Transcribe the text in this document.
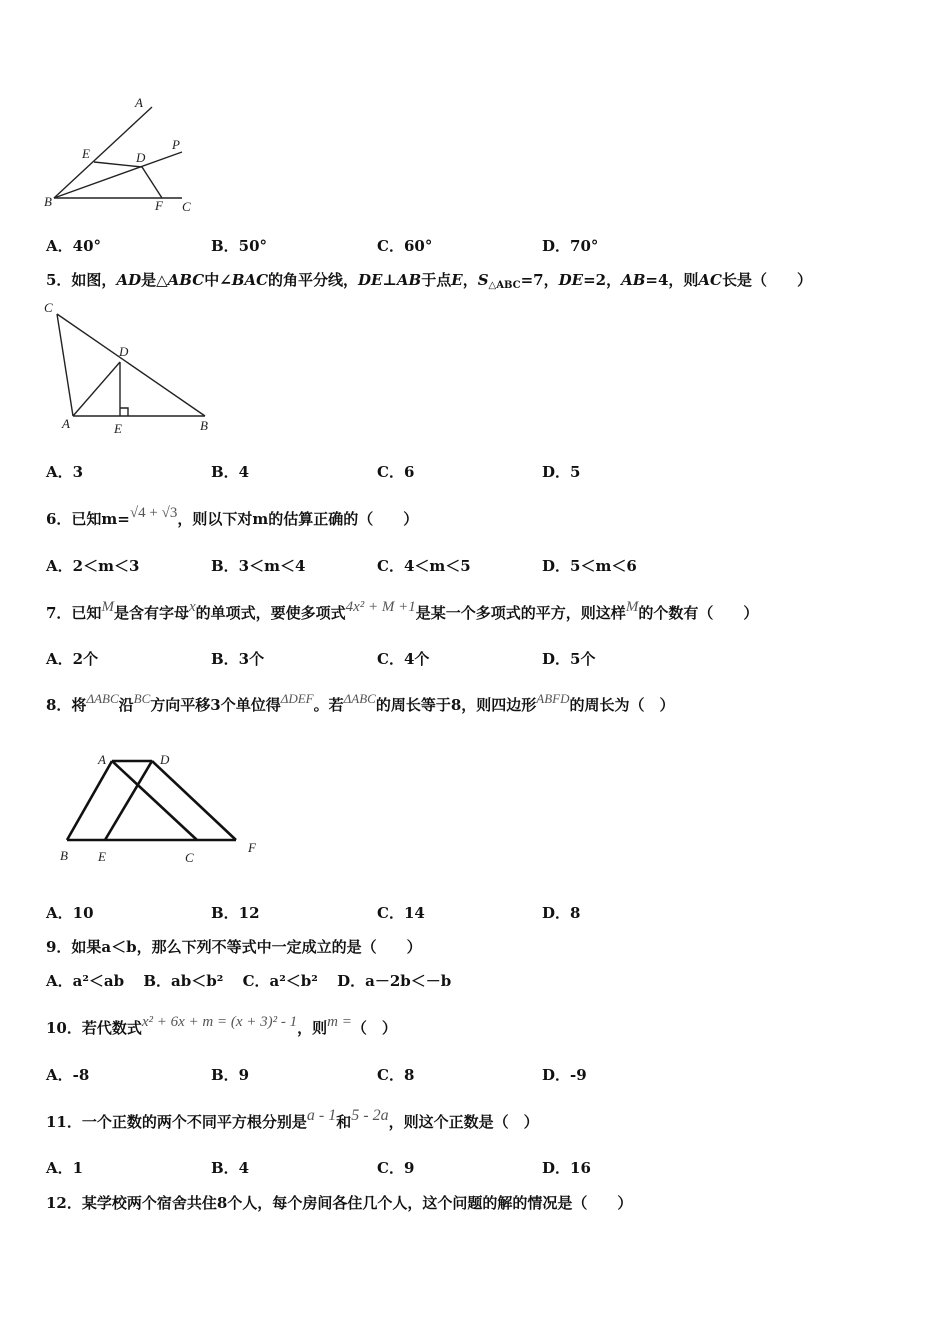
A
E	D
P
B	F C
A．40°	B．50°	C．60°	D．70°
5．如图，AD是△ABC中∠BAC的角平分线，DE⊥AB于点E，$S_{\triangle ABC}=7$，DE=2，AB=4，则AC长是（　　）
C
D
A	E	B
A．3	B．4	C．6	D．5
6．已知m=√4 + √3，则以下对m的估算正确的（　　）
A．2＜m＜3	B．3＜m＜4	C．4＜m＜5	D．5＜m＜6
7．已知M是含有字母x的单项式，要使多项式4x² + M +1是某一个多项式的平方，则这样M的个数有（　　）
A．2个	B．3个	C．4个	D．5个
8．将ΔABC沿BC方向平移3个单位得ΔDEF。若ΔABC的周长等于8，则四边形ABFD的周长为（　）
A	D
B E	C
F
A．10	B．12	C．14	D．8
9．如果a＜b，那么下列不等式中一定成立的是（　　）
A．a²＜ab B．ab＜b² C．a²＜b² D．a－2b＜－b
10．若代数式x² + 6x + m = (x + 3)² - 1，则m =（　）
A．-8	B．9	C．8	D．-9
11．一个正数的两个不同平方根分别是a - 1和5 - 2a，则这个正数是（　）
A．1	B．4	C．9	D．16
12．某学校两个宿舍共住8个人，每个房间各住几个人，这个问题的解的情况是（　　）
